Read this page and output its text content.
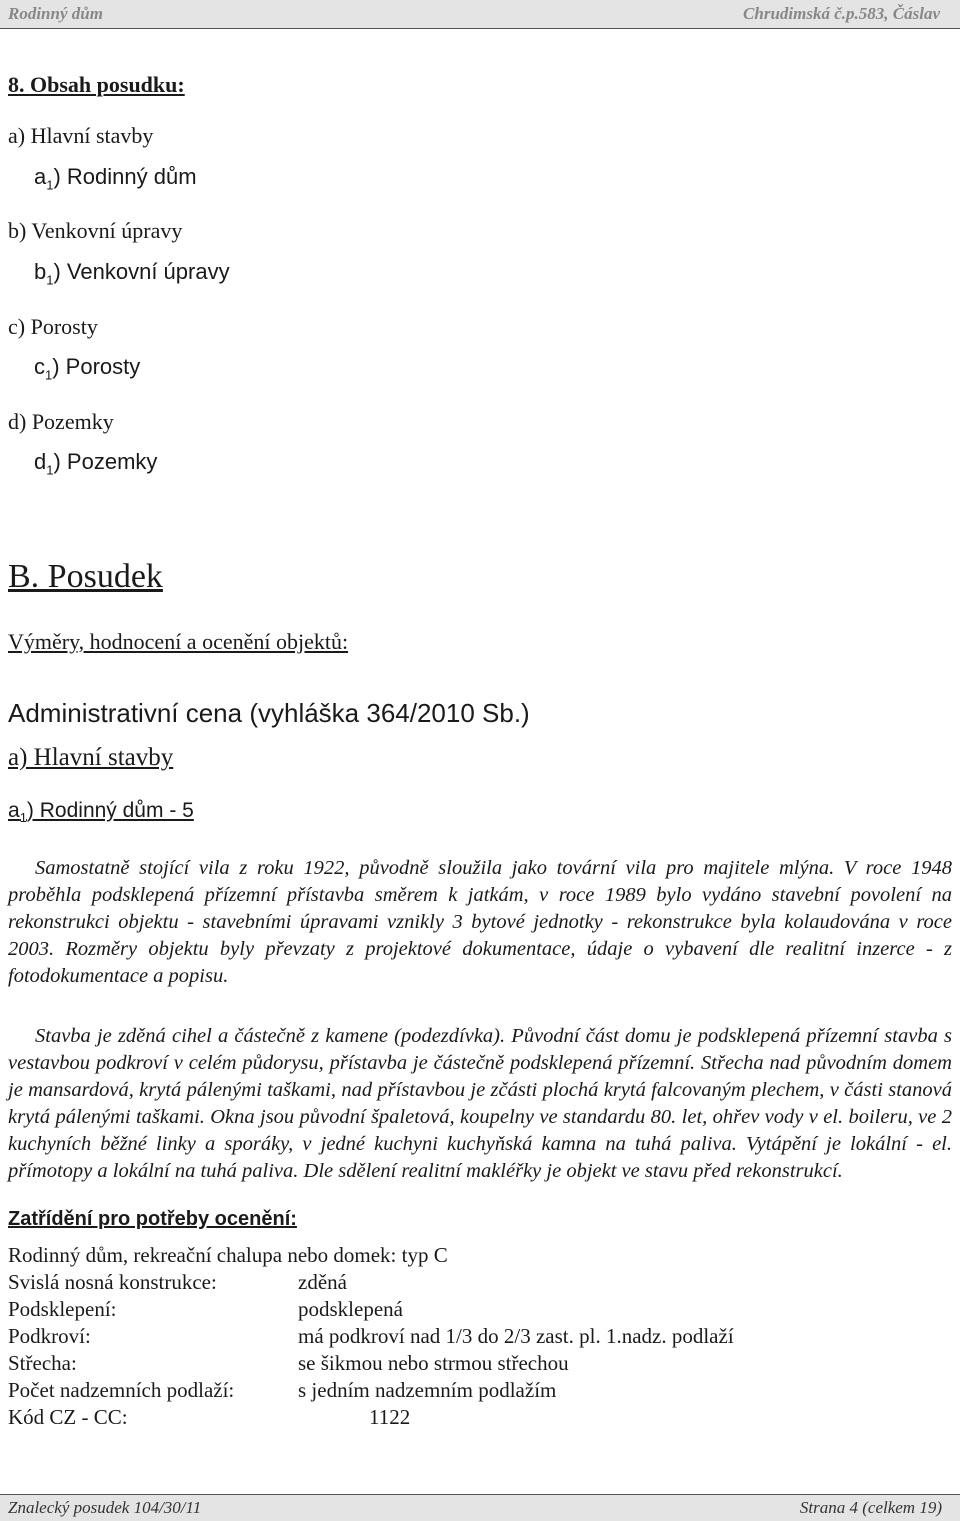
Rodinný dům	Chrudimská č.p.583, Čáslav
8. Obsah posudku:
a) Hlavní stavby
$a_1$) Rodinný dům
b) Venkovní úpravy
$b_1$) Venkovní úpravy
c) Porosty
$c_1$) Porosty
d) Pozemky
$d_1$) Pozemky
B. Posudek
Výměry, hodnocení a ocenění objektů:
Administrativní cena (vyhláška 364/2010 Sb.)
a) Hlavní stavby
$a_1$) Rodinný dům - 5

Samostatně stojící vila z roku 1922, původně sloužila jako tovární vila pro majitele mlýna. V roce 1948 proběhla podsklepená přízemní přístavba směrem k jatkám, v roce 1989 bylo vydáno stavební povolení na rekonstrukci objektu - stavebními úpravami vznikly 3 bytové jednotky - rekonstrukce byla kolaudována v roce 2003. Rozměry objektu byly převzaty z projektové dokumentace, údaje o vybavení dle realitní inzerce - z fotodokumentace a popisu.

Stavba je zděná cihel a částečně z kamene (podezdívka). Původní část domu je podsklepená přízemní stavba s vestavbou podkroví v celém půdorysu, přístavba je částečně podsklepená přízemní. Střecha nad původním domem je mansardová, krytá pálenými taškami, nad přístavbou je zčásti plochá krytá falcovaným plechem, v části stanová krytá pálenými taškami. Okna jsou původní špaletová, koupelny ve standardu 80. let, ohřev vody v el. boileru, ve 2 kuchyních běžné linky a sporáky, v jedné kuchyni kuchyňská kamna na tuhá paliva. Vytápění je lokální - el. přímotopy a lokální na tuhá paliva. Dle sdělení realitní makléřky je objekt ve stavu před rekonstrukcí.

Zatřídění pro potřeby ocenění:
Rodinný dům, rekreační chalupa nebo domek: typ C
Svislá nosná konstrukce:	zděná
Podsklepení:	podsklepená
Podkroví:	má podkroví nad 1/3 do 2/3 zast. pl. 1.nadz. podlaží
Střecha:	se šikmou nebo strmou střechou
Počet nadzemních podlaží:	s jedním nadzemním podlažím
Kód CZ - CC:	1122
Znalecký posudek 104/30/11	Strana 4 (celkem 19)
